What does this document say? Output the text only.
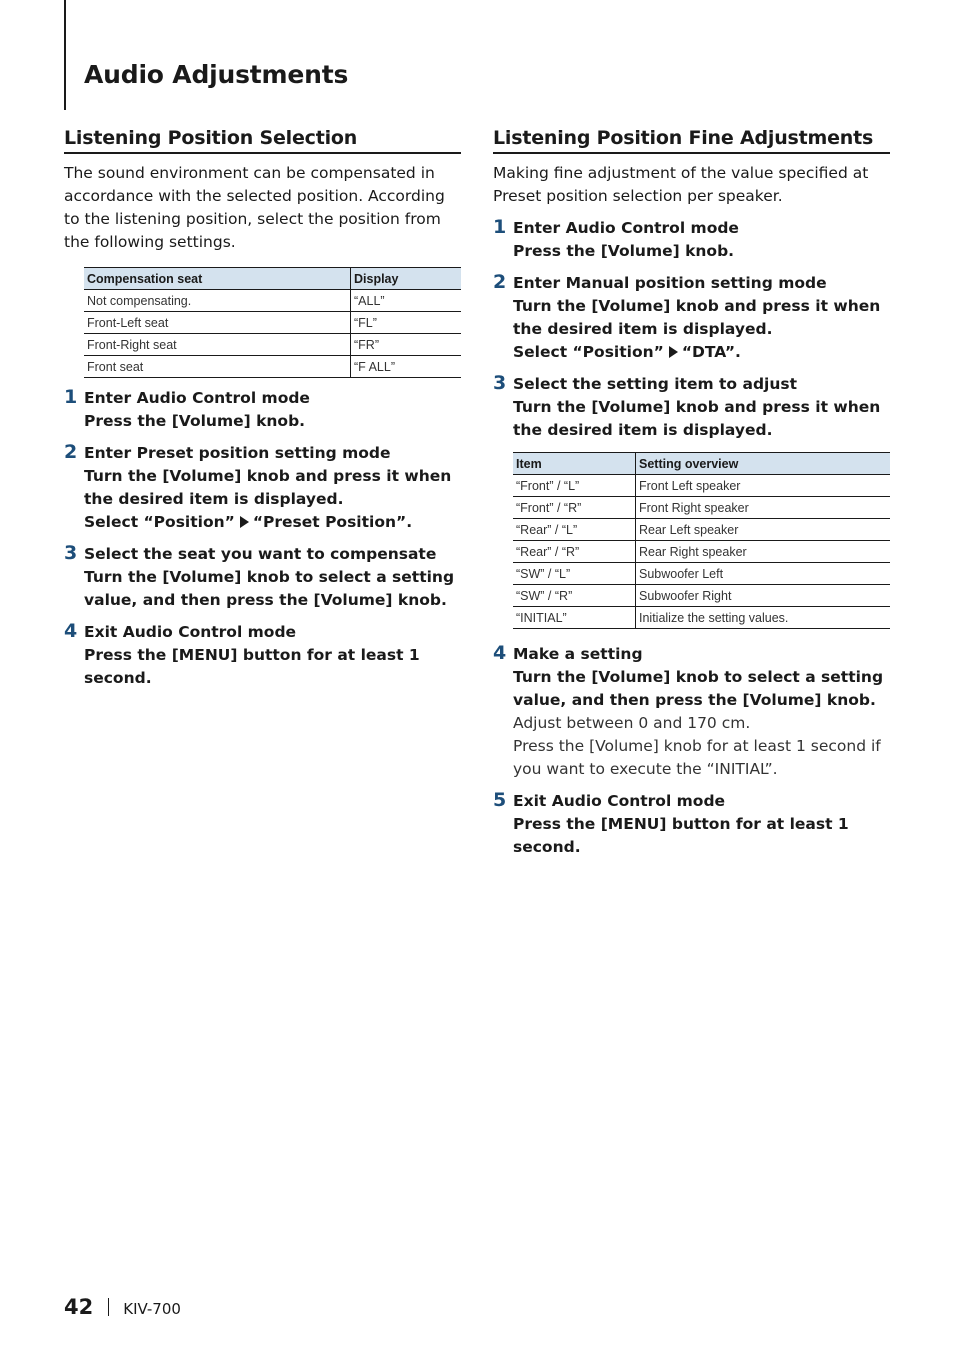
Audio Adjustments
Listening Position Selection
The sound environment can be compensated in accordance with the selected position. According to the listening position, select the position from the following settings.
Compensation seat	Display
Not compensating.	“ALL”
Front-Left seat	“FL”
Front-Right seat	“FR”
Front seat	“F ALL”
1 Enter Audio Control mode
Press the [Volume] knob.
2 Enter Preset position setting mode
Turn the [Volume] knob and press it when the desired item is displayed.
Select “Position” “Preset Position”.
3 Select the seat you want to compensate
Turn the [Volume] knob to select a setting value, and then press the [Volume] knob.
4 Exit Audio Control mode
Press the [MENU] button for at least 1 second.
Listening Position Fine Adjustments
Making fine adjustment of the value specified at Preset position selection per speaker.
1 Enter Audio Control mode
Press the [Volume] knob.
2 Enter Manual position setting mode
Turn the [Volume] knob and press it when the desired item is displayed.
Select “Position” “DTA”.
3 Select the setting item to adjust
Turn the [Volume] knob and press it when the desired item is displayed.
Item	Setting overview
“Front” / “L”	Front Left speaker
“Front” / “R”	Front Right speaker
“Rear” / “L”	Rear Left speaker
“Rear” / “R”	Rear Right speaker
“SW” / “L”	Subwoofer Left
“SW” / “R”	Subwoofer Right
“INITIAL”	Initialize the setting values.
4 Make a setting
Turn the [Volume] knob to select a setting value, and then press the [Volume] knob.
Adjust between 0 and 170 cm.
Press the [Volume] knob for at least 1 second if you want to execute the “INITIAL”.
5 Exit Audio Control mode
Press the [MENU] button for at least 1 second.
42 KIV-700
